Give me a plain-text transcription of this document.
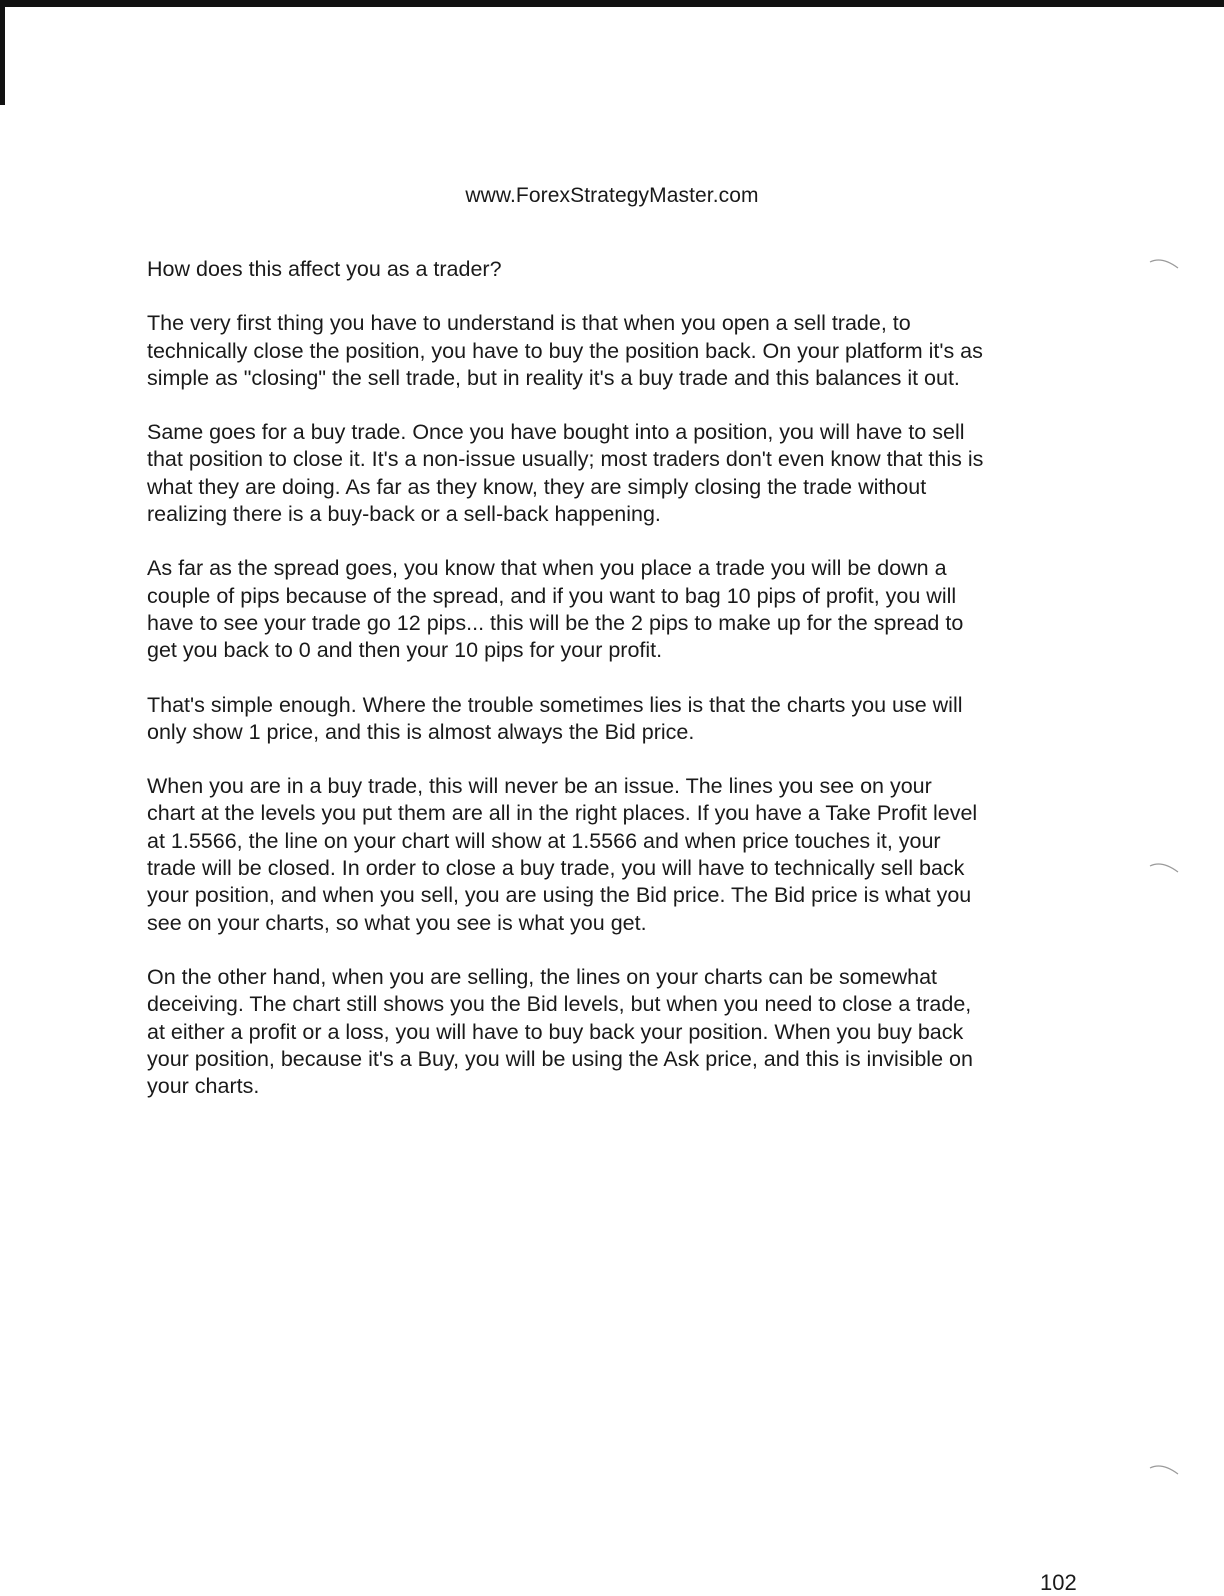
www.ForexStrategyMaster.com

How does this affect you as a trader?

The very first thing you have to understand is that when you open a sell trade, to
technically close the position, you have to buy the position back. On your platform it's as
simple as "closing" the sell trade, but in reality it's a buy trade and this balances it out.

Same goes for a buy trade. Once you have bought into a position, you will have to sell
that position to close it. It's a non-issue usually; most traders don't even know that this is
what they are doing. As far as they know, they are simply closing the trade without
realizing there is a buy-back or a sell-back happening.

As far as the spread goes, you know that when you place a trade you will be down a
couple of pips because of the spread, and if you want to bag 10 pips of profit, you will
have to see your trade go 12 pips... this will be the 2 pips to make up for the spread to
get you back to 0 and then your 10 pips for your profit.

That's simple enough. Where the trouble sometimes lies is that the charts you use will
only show 1 price, and this is almost always the Bid price.

When you are in a buy trade, this will never be an issue. The lines you see on your
chart at the levels you put them are all in the right places. If you have a Take Profit level
at 1.5566, the line on your chart will show at 1.5566 and when price touches it, your
trade will be closed. In order to close a buy trade, you will have to technically sell back
your position, and when you sell, you are using the Bid price. The Bid price is what you
see on your charts, so what you see is what you get.

On the other hand, when you are selling, the lines on your charts can be somewhat
deceiving. The chart still shows you the Bid levels, but when you need to close a trade,
at either a profit or a loss, you will have to buy back your position. When you buy back
your position, because it's a Buy, you will be using the Ask price, and this is invisible on
your charts.

102
